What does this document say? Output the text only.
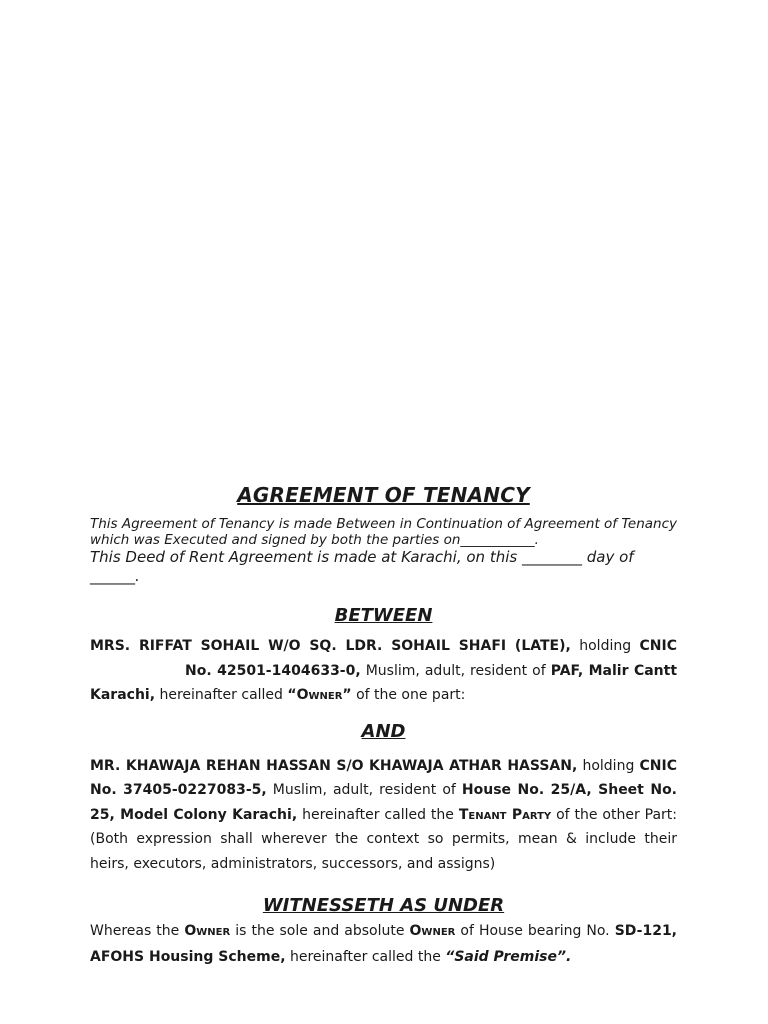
AGREEMENT OF TENANCY

This Agreement of Tenancy is made Between in Continuation of Agreement of Tenancy which was Executed and signed by both the parties on___________.

This Deed of Rent Agreement is made at Karachi, on this ________ day of ______.

BETWEEN

MRS. RIFFAT SOHAIL W/O SQ. LDR. SOHAIL SHAFI (LATE), holding CNICNo. 42501-1404633-0, Muslim, adult, resident of PAF, Malir Cantt Karachi, hereinafter called “Owner” of the one part:

AND

MR. KHAWAJA REHAN HASSAN S/O KHAWAJA ATHAR HASSAN, holding CNIC No. 37405-0227083-5, Muslim, adult, resident of House No. 25/A, Sheet No. 25, Model Colony Karachi, hereinafter called the Tenant Party of the other Part: (Both expression shall wherever the context so permits, mean & include their heirs, executors, administrators, successors, and assigns)

WITNESSETH AS UNDER

Whereas the Owner is the sole and absolute Owner of House bearing No. SD-121, AFOHS Housing Scheme, hereinafter called the “Said Premise”.
